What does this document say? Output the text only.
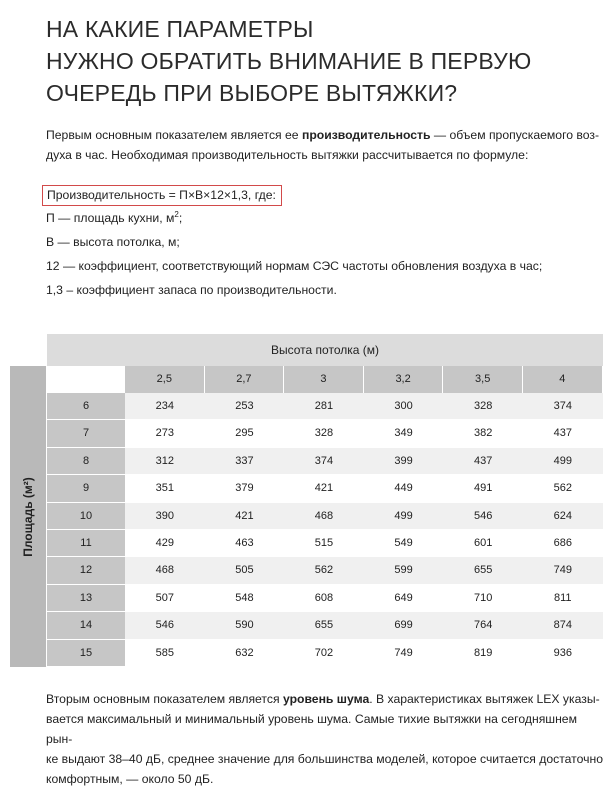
НА КАКИЕ ПАРАМЕТРЫ
НУЖНО ОБРАТИТЬ ВНИМАНИЕ В ПЕРВУЮ
ОЧЕРЕДЬ ПРИ ВЫБОРЕ ВЫТЯЖКИ?
Первым основным показателем является ее производительность — объем пропускаемого воз-
духа в час. Необходимая производительность вытяжки рассчитывается по формуле:
Производительность = П×В×12×1,3, где:
П — площадь кухни, $м^2$;
В — высота потолка, м;
12 — коэффициент, соответствующий нормам СЭС частоты обновления воздуха в час;
1,3 – коэффициент запаса по производительности.
Высота потолка (м)
Площадь (м²)
2,5	2,7	3	3,2	3,5	4
6	234	253	281	300	328	374
7	273	295	328	349	382	437
8	312	337	374	399	437	499
9	351	379	421	449	491	562
10	390	421	468	499	546	624
11	429	463	515	549	601	686
12	468	505	562	599	655	749
13	507	548	608	649	710	811
14	546	590	655	699	764	874
15	585	632	702	749	819	936
Вторым основным показателем является уровень шума. В характеристиках вытяжек LEX указы-
вается максимальный и минимальный уровень шума. Самые тихие вытяжки на сегодняшнем рын-
ке выдают 38–40 дБ, среднее значение для большинства моделей, которое считается достаточно
комфортным, — около 50 дБ.
